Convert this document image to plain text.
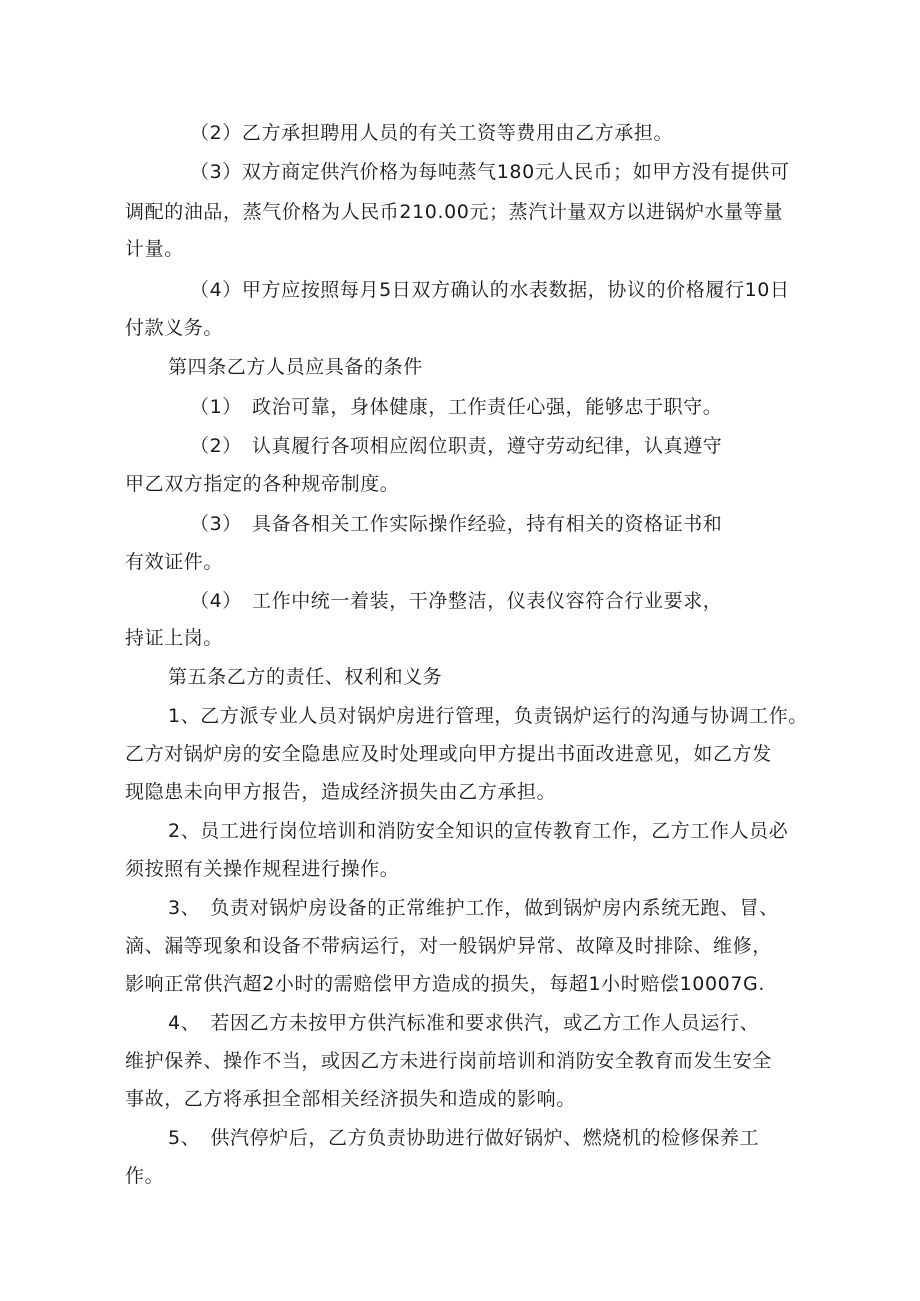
（2）乙方承担聘用人员的有关工资等费用由乙方承担。
（3）双方商定供汽价格为每吨蒸气180元人民币；如甲方没有提供可
调配的油品，蒸气价格为人民币210.00元；蒸汽计量双方以进锅炉水量等量
计量。
（4）甲方应按照每月5日双方确认的水表数据，协议的价格履行10日
付款义务。
第四条乙方人员应具备的条件
（1）　政治可靠，身体健康，工作责任心强，能够忠于职守。
（2）　认真履行各项相应闳位职责，遵守劳动纪律，认真遵守
甲乙双方指定的各种规帝制度。
（3）　具备各相关工作实际操作经验，持有相关的资格证书和
有效证件。
（4）　工作中统一着装，干净整洁，仪表仪容符合行业要求，
持证上岗。
第五条乙方的责任、权利和义务
1、乙方派专业人员对锅炉房进行管理，负责锅炉运行的沟通与协调工作。
乙方对锅炉房的安全隐患应及时处理或向甲方提出书面改进意见，如乙方发
现隐患未向甲方报告，造成经济损失由乙方承担。
2、员工进行岗位培训和消防安全知识的宣传教育工作，乙方工作人员必
须按照有关操作规程进行操作。
3、　负责对锅炉房设备的正常维护工作，做到锅炉房内系统无跑、冒、
滴、漏等现象和设备不带病运行，对一般锅炉异常、故障及时排除、维修，
影响正常供汽超2小时的需赔偿甲方造成的损失，每超1小时赔偿10007G.
4、　若因乙方未按甲方供汽标准和要求供汽，或乙方工作人员运行、
维护保养、操作不当，或因乙方未进行岗前培训和消防安全教育而发生安全
事故，乙方将承担全部相关经济损失和造成的影响。
5、　供汽停炉后，乙方负责协助进行做好锅炉、燃烧机的检修保养工
作。
